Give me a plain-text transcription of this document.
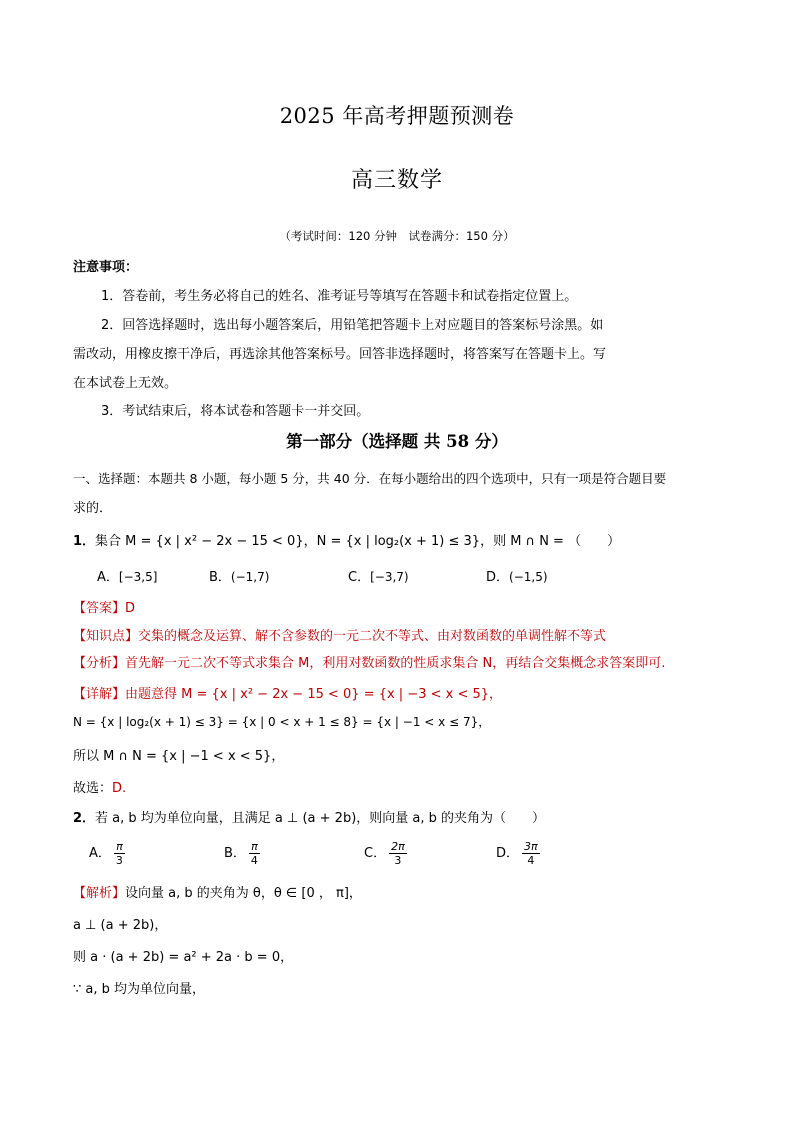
2025 年高考押题预测卷
高三数学
（考试时间：120 分钟　试卷满分：150 分）
注意事项：
1．答卷前，考生务必将自己的姓名、准考证号等填写在答题卡和试卷指定位置上。
2．回答选择题时，选出每小题答案后，用铅笔把答题卡上对应题目的答案标号涂黑。如
需改动，用橡皮擦干净后，再选涂其他答案标号。回答非选择题时，将答案写在答题卡上。写
在本试卷上无效。
3．考试结束后，将本试卷和答题卡一并交回。
第一部分（选择题 共 58 分）
一、选择题：本题共 8 小题，每小题 5 分，共 40 分．在每小题给出的四个选项中，只有一项是符合题目要
求的．
1．集合 M = {x | x² − 2x − 15 < 0}，N = {x | log₂(x + 1) ≤ 3}，则 M ∩ N = （　　）
A．[−3,5]	B．(−1,7)	C．[−3,7)	D．(−1,5)
【答案】D
【知识点】交集的概念及运算、解不含参数的一元二次不等式、由对数函数的单调性解不等式
【分析】首先解一元二次不等式求集合 M，利用对数函数的性质求集合 N，再结合交集概念求答案即可.
【详解】由题意得 M = {x | x² − 2x − 15 < 0} = {x | −3 < x < 5}，
N = {x | log₂(x + 1) ≤ 3} = {x | 0 < x + 1 ≤ 8} = {x | −1 < x ≤ 7}，
所以 M ∩ N = {x | −1 < x < 5}，
故选：D.
2．若 a, b 均为单位向量，且满足 a ⊥ (a + 2b)，则向量 a, b 的夹角为（　　）
A． $\frac{\pi}{3}$	B． $\frac{\pi}{4}$	C． $\frac{2\pi}{3}$	D． $\frac{3\pi}{4}$
【解析】设向量 a, b 的夹角为 θ，θ ∈ [0 ， π]，
a ⊥ (a + 2b)，
则 a · (a + 2b) = a² + 2a · b = 0，
∵ a, b 均为单位向量，
